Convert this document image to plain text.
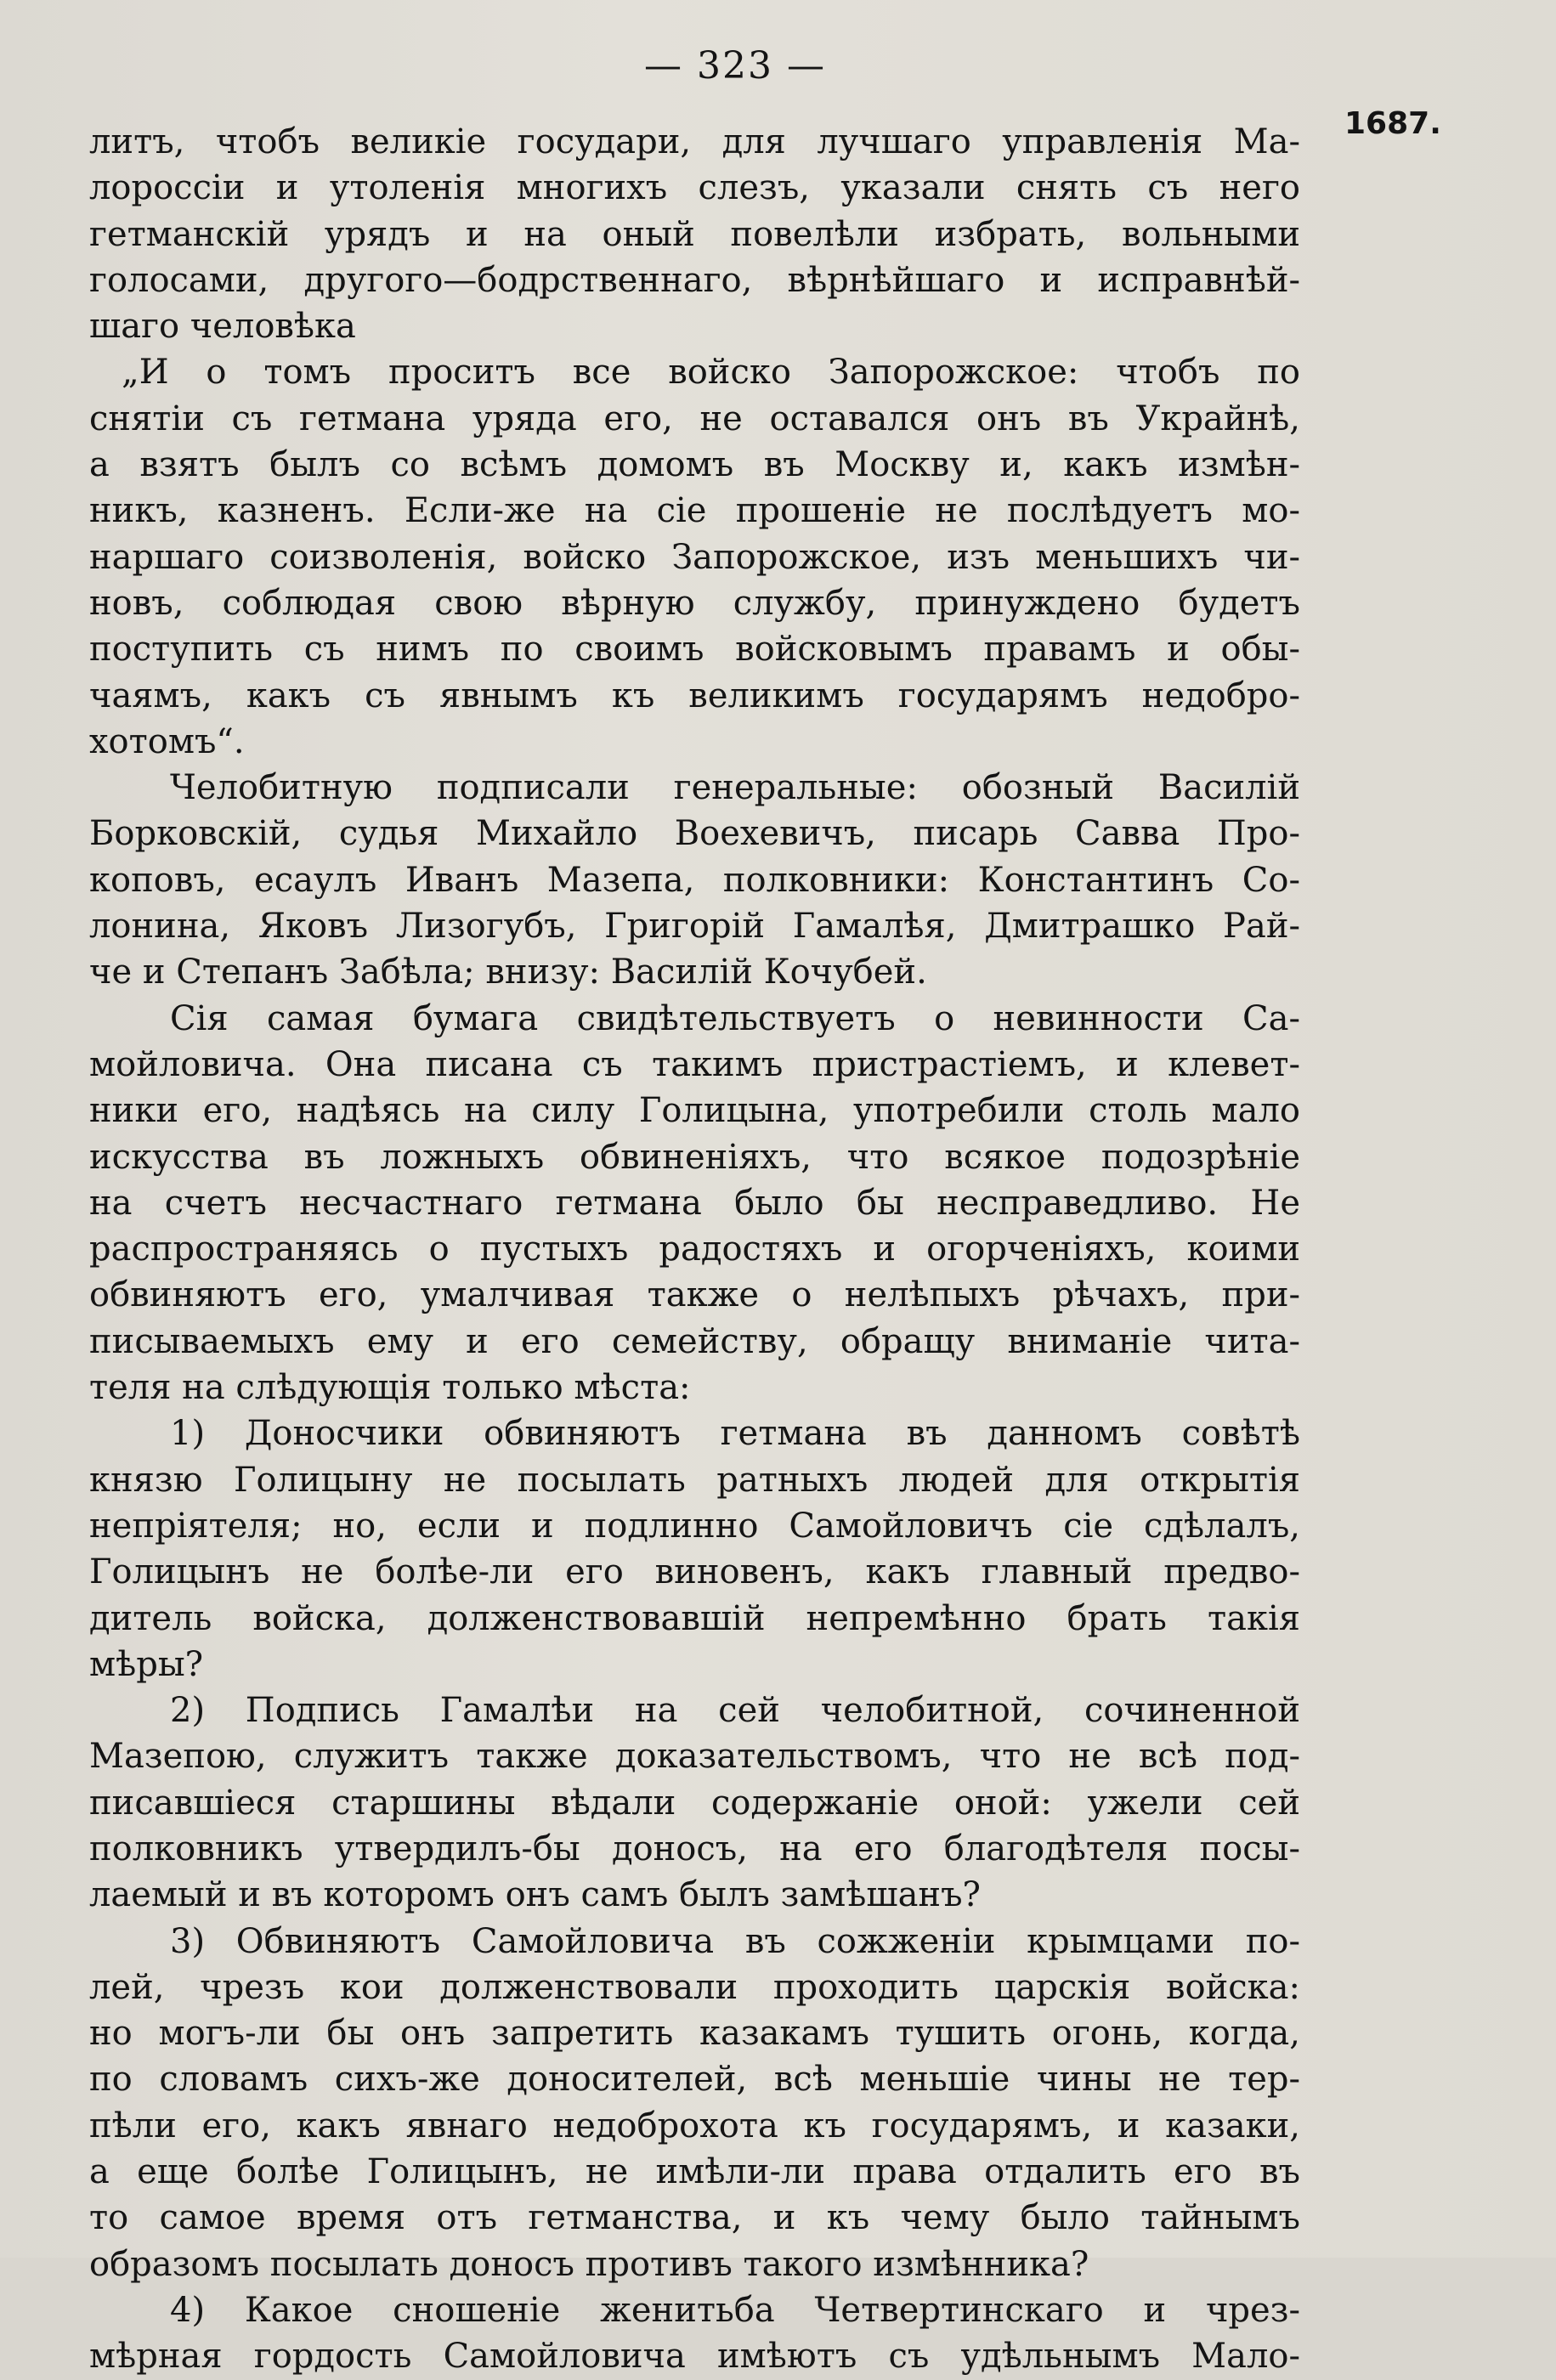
— 323 —
1687.
литъ, чтобъ великіе государи, для лучшаго управленія Ма-
лороссіи и утоленія многихъ слезъ, указали снять съ него
гетманскій урядъ и на оный повелѣли избрать, вольными
голосами, другого—бодрственнаго, вѣрнѣйшаго и исправнѣй-
шаго человѣка
„И о томъ проситъ все войско Запорожское: чтобъ по
снятіи съ гетмана уряда его, не оставался онъ въ Украйнѣ,
а взятъ былъ со всѣмъ домомъ въ Москву и, какъ измѣн-
никъ, казненъ. Если-же на сіе прошеніе не послѣдуетъ мо-
наршаго соизволенія, войско Запорожское, изъ меньшихъ чи-
новъ, соблюдая свою вѣрную службу, принуждено будетъ
поступить съ нимъ по своимъ войсковымъ правамъ и обы-
чаямъ, какъ съ явнымъ къ великимъ государямъ недобро-
хотомъ“.
Челобитную подписали генеральные: обозный Василій
Борковскій, судья Михайло Воехевичъ, писарь Савва Про-
коповъ, есаулъ Иванъ Мазепа, полковники: Константинъ Со-
лонина, Яковъ Лизогубъ, Григорій Гамалѣя, Дмитрашко Рай-
че и Степанъ Забѣла; внизу: Василій Кочубей.
Сія самая бумага свидѣтельствуетъ о невинности Са-
мойловича. Она писана съ такимъ пристрастіемъ, и клевет-
ники его, надѣясь на силу Голицына, употребили столь мало
искусства въ ложныхъ обвиненіяхъ, что всякое подозрѣніе
на счетъ несчастнаго гетмана было бы несправедливо. Не
распространяясь о пустыхъ радостяхъ и огорченіяхъ, коими
обвиняютъ его, умалчивая также о нелѣпыхъ рѣчахъ, при-
писываемыхъ ему и его семейству, обращу вниманіе чита-
теля на слѣдующія только мѣста:
1) Доносчики обвиняютъ гетмана въ данномъ совѣтѣ
князю Голицыну не посылать ратныхъ людей для открытія
непріятеля; но, если и подлинно Самойловичъ сіе сдѣлалъ,
Голицынъ не болѣе-ли его виновенъ, какъ главный предво-
дитель войска, долженствовавшій непремѣнно брать такія
мѣры?
2) Подпись Гамалѣи на сей челобитной, сочиненной
Мазепою, служитъ также доказательствомъ, что не всѣ под-
писавшіеся старшины вѣдали содержаніе оной: ужели сей
полковникъ утвердилъ-бы доносъ, на его благодѣтеля посы-
лаемый и въ которомъ онъ самъ былъ замѣшанъ?
3) Обвиняютъ Самойловича въ сожженіи крымцами по-
лей, чрезъ кои долженствовали проходить царскія войска:
но могъ-ли бы онъ запретить казакамъ тушить огонь, когда,
по словамъ сихъ-же доносителей, всѣ меньшіе чины не тер-
пѣли его, какъ явнаго недоброхота къ государямъ, и казаки,
а еще болѣе Голицынъ, не имѣли-ли права отдалить его въ
то самое время отъ гетманства, и къ чему было тайнымъ
образомъ посылать доносъ противъ такого измѣнника?
4) Какое сношеніе женитьба Четвертинскаго и чрез-
мѣрная гордость Самойловича имѣютъ съ удѣльнымъ Мало-
